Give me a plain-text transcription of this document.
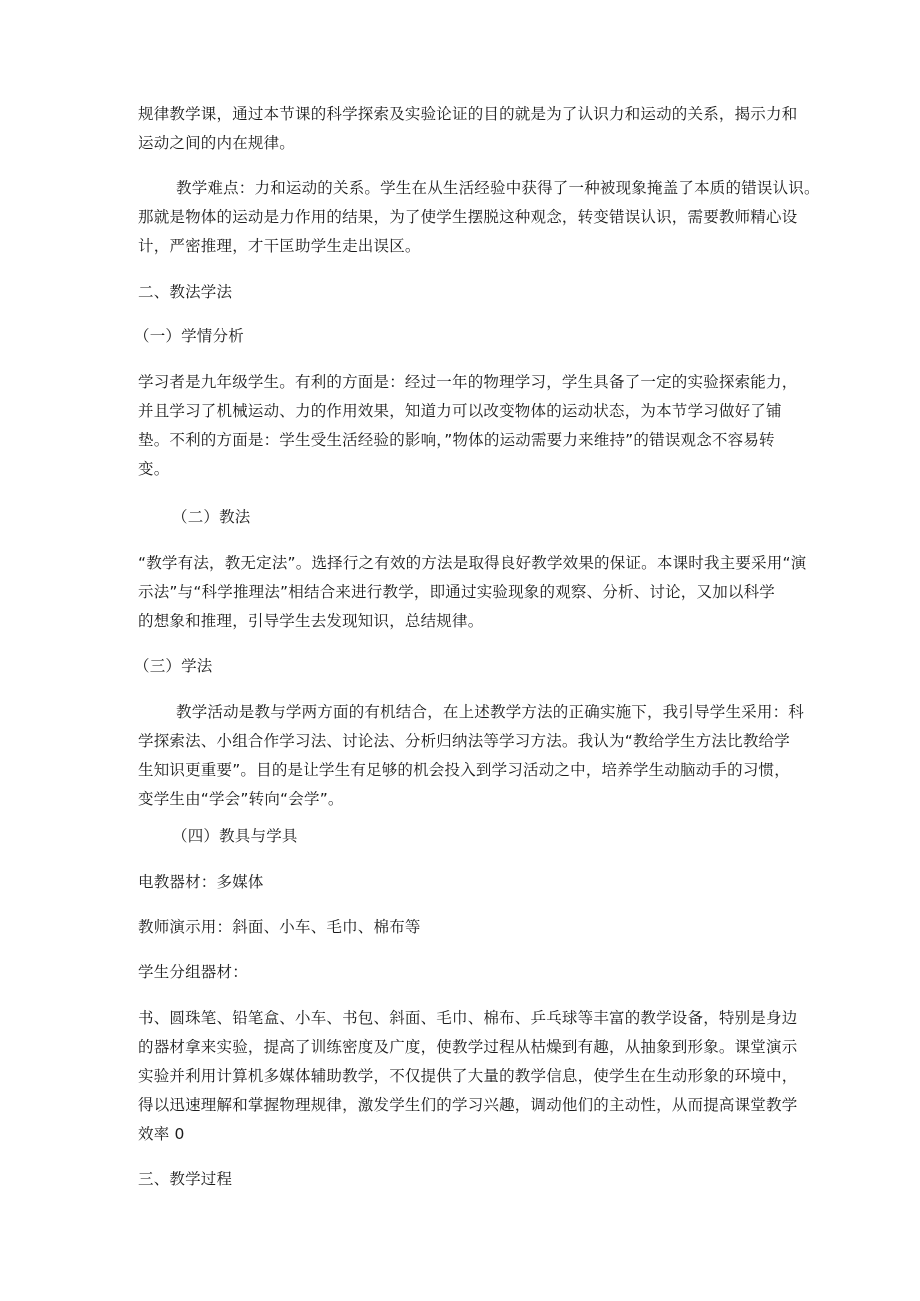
规律教学课，通过本节课的科学探索及实验论证的目的就是为了认识力和运动的关系，揭示力和
运动之间的内在规律。
教学难点：力和运动的关系。学生在从生活经验中获得了一种被现象掩盖了本质的错误认识。
那就是物体的运动是力作用的结果，为了使学生摆脱这种观念，转变错误认识，需要教师精心设
计，严密推理，才干匡助学生走出误区。
二、教法学法
（一）学情分析
学习者是九年级学生。有利的方面是：经过一年的物理学习，学生具备了一定的实验探索能力，
并且学习了机械运动、力的作用效果，知道力可以改变物体的运动状态，为本节学习做好了铺
垫。不利的方面是：学生受生活经验的影响，”物体的运动需要力来维持”的错误观念不容易转
变。
（二）教法
“教学有法，教无定法”。选择行之有效的方法是取得良好教学效果的保证。本课时我主要采用“演
示法”与“科学推理法”相结合来进行教学，即通过实验现象的观察、分析、讨论，又加以科学
的想象和推理，引导学生去发现知识，总结规律。
（三）学法
教学活动是教与学两方面的有机结合，在上述教学方法的正确实施下，我引导学生采用：科
学探索法、小组合作学习法、讨论法、分析归纳法等学习方法。我认为“教给学生方法比教给学
生知识更重要”。目的是让学生有足够的机会投入到学习活动之中，培养学生动脑动手的习惯，
变学生由“学会”转向“会学”。
（四）教具与学具
电教器材：多媒体
教师演示用：斜面、小车、毛巾、棉布等
学生分组器材：
书、圆珠笔、铅笔盒、小车、书包、斜面、毛巾、棉布、乒乓球等丰富的教学设备，特别是身边
的器材拿来实验，提高了训练密度及广度，使教学过程从枯燥到有趣，从抽象到形象。课堂演示
实验并利用计算机多媒体辅助教学，不仅提供了大量的教学信息，使学生在生动形象的环境中，
得以迅速理解和掌握物理规律，激发学生们的学习兴趣，调动他们的主动性，从而提高课堂教学
效率 0
三、教学过程
